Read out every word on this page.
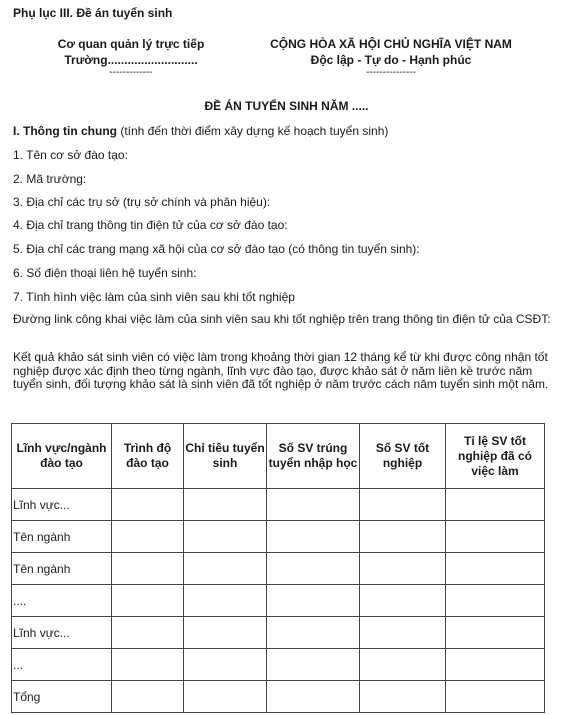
Phụ lục III. Đề án tuyển sinh
Cơ quan quản lý trực tiếp
Trường...........................
-------------
CỘNG HÒA XÃ HỘI CHỦ NGHĨA VIỆT NAM
Độc lập - Tự do - Hạnh phúc
---------------
ĐỀ ÁN TUYỂN SINH NĂM .....
I. Thông tin chung (tính đến thời điểm xây dựng kế hoạch tuyển sinh)
1. Tên cơ sở đào tạo:
2. Mã trường:
3. Địa chỉ các trụ sở (trụ sở chính và phân hiệu):
4. Địa chỉ trang thông tin điện tử của cơ sở đào tạo:
5. Địa chỉ các trang mạng xã hội của cơ sở đào tạo (có thông tin tuyển sinh):
6. Số điện thoại liên hệ tuyển sinh:
7. Tình hình việc làm của sinh viên sau khi tốt nghiệp
Đường link công khai việc làm của sinh viên sau khi tốt nghiệp trên trang thông tin điện tử của CSĐT:
Kết quả khảo sát sinh viên có việc làm trong khoảng thời gian 12 tháng kể từ khi được công nhận tốt nghiệp được xác định theo từng ngành, lĩnh vực đào tạo, được khảo sát ở năm liền kề trước năm tuyển sinh, đối tượng khảo sát là sinh viên đã tốt nghiệp ở năm trước cách năm tuyển sinh một năm.
Lĩnh vực/ngành đào tạo	Trình độ đào tạo	Chỉ tiêu tuyển sinh	Số SV trúng tuyển nhập học	Số SV tốt nghiệp	Tỉ lệ SV tốt nghiệp đã có việc làm
Lĩnh vực...					
Tên ngành					
Tên ngành					
....					
Lĩnh vực...					
...					
Tổng					
